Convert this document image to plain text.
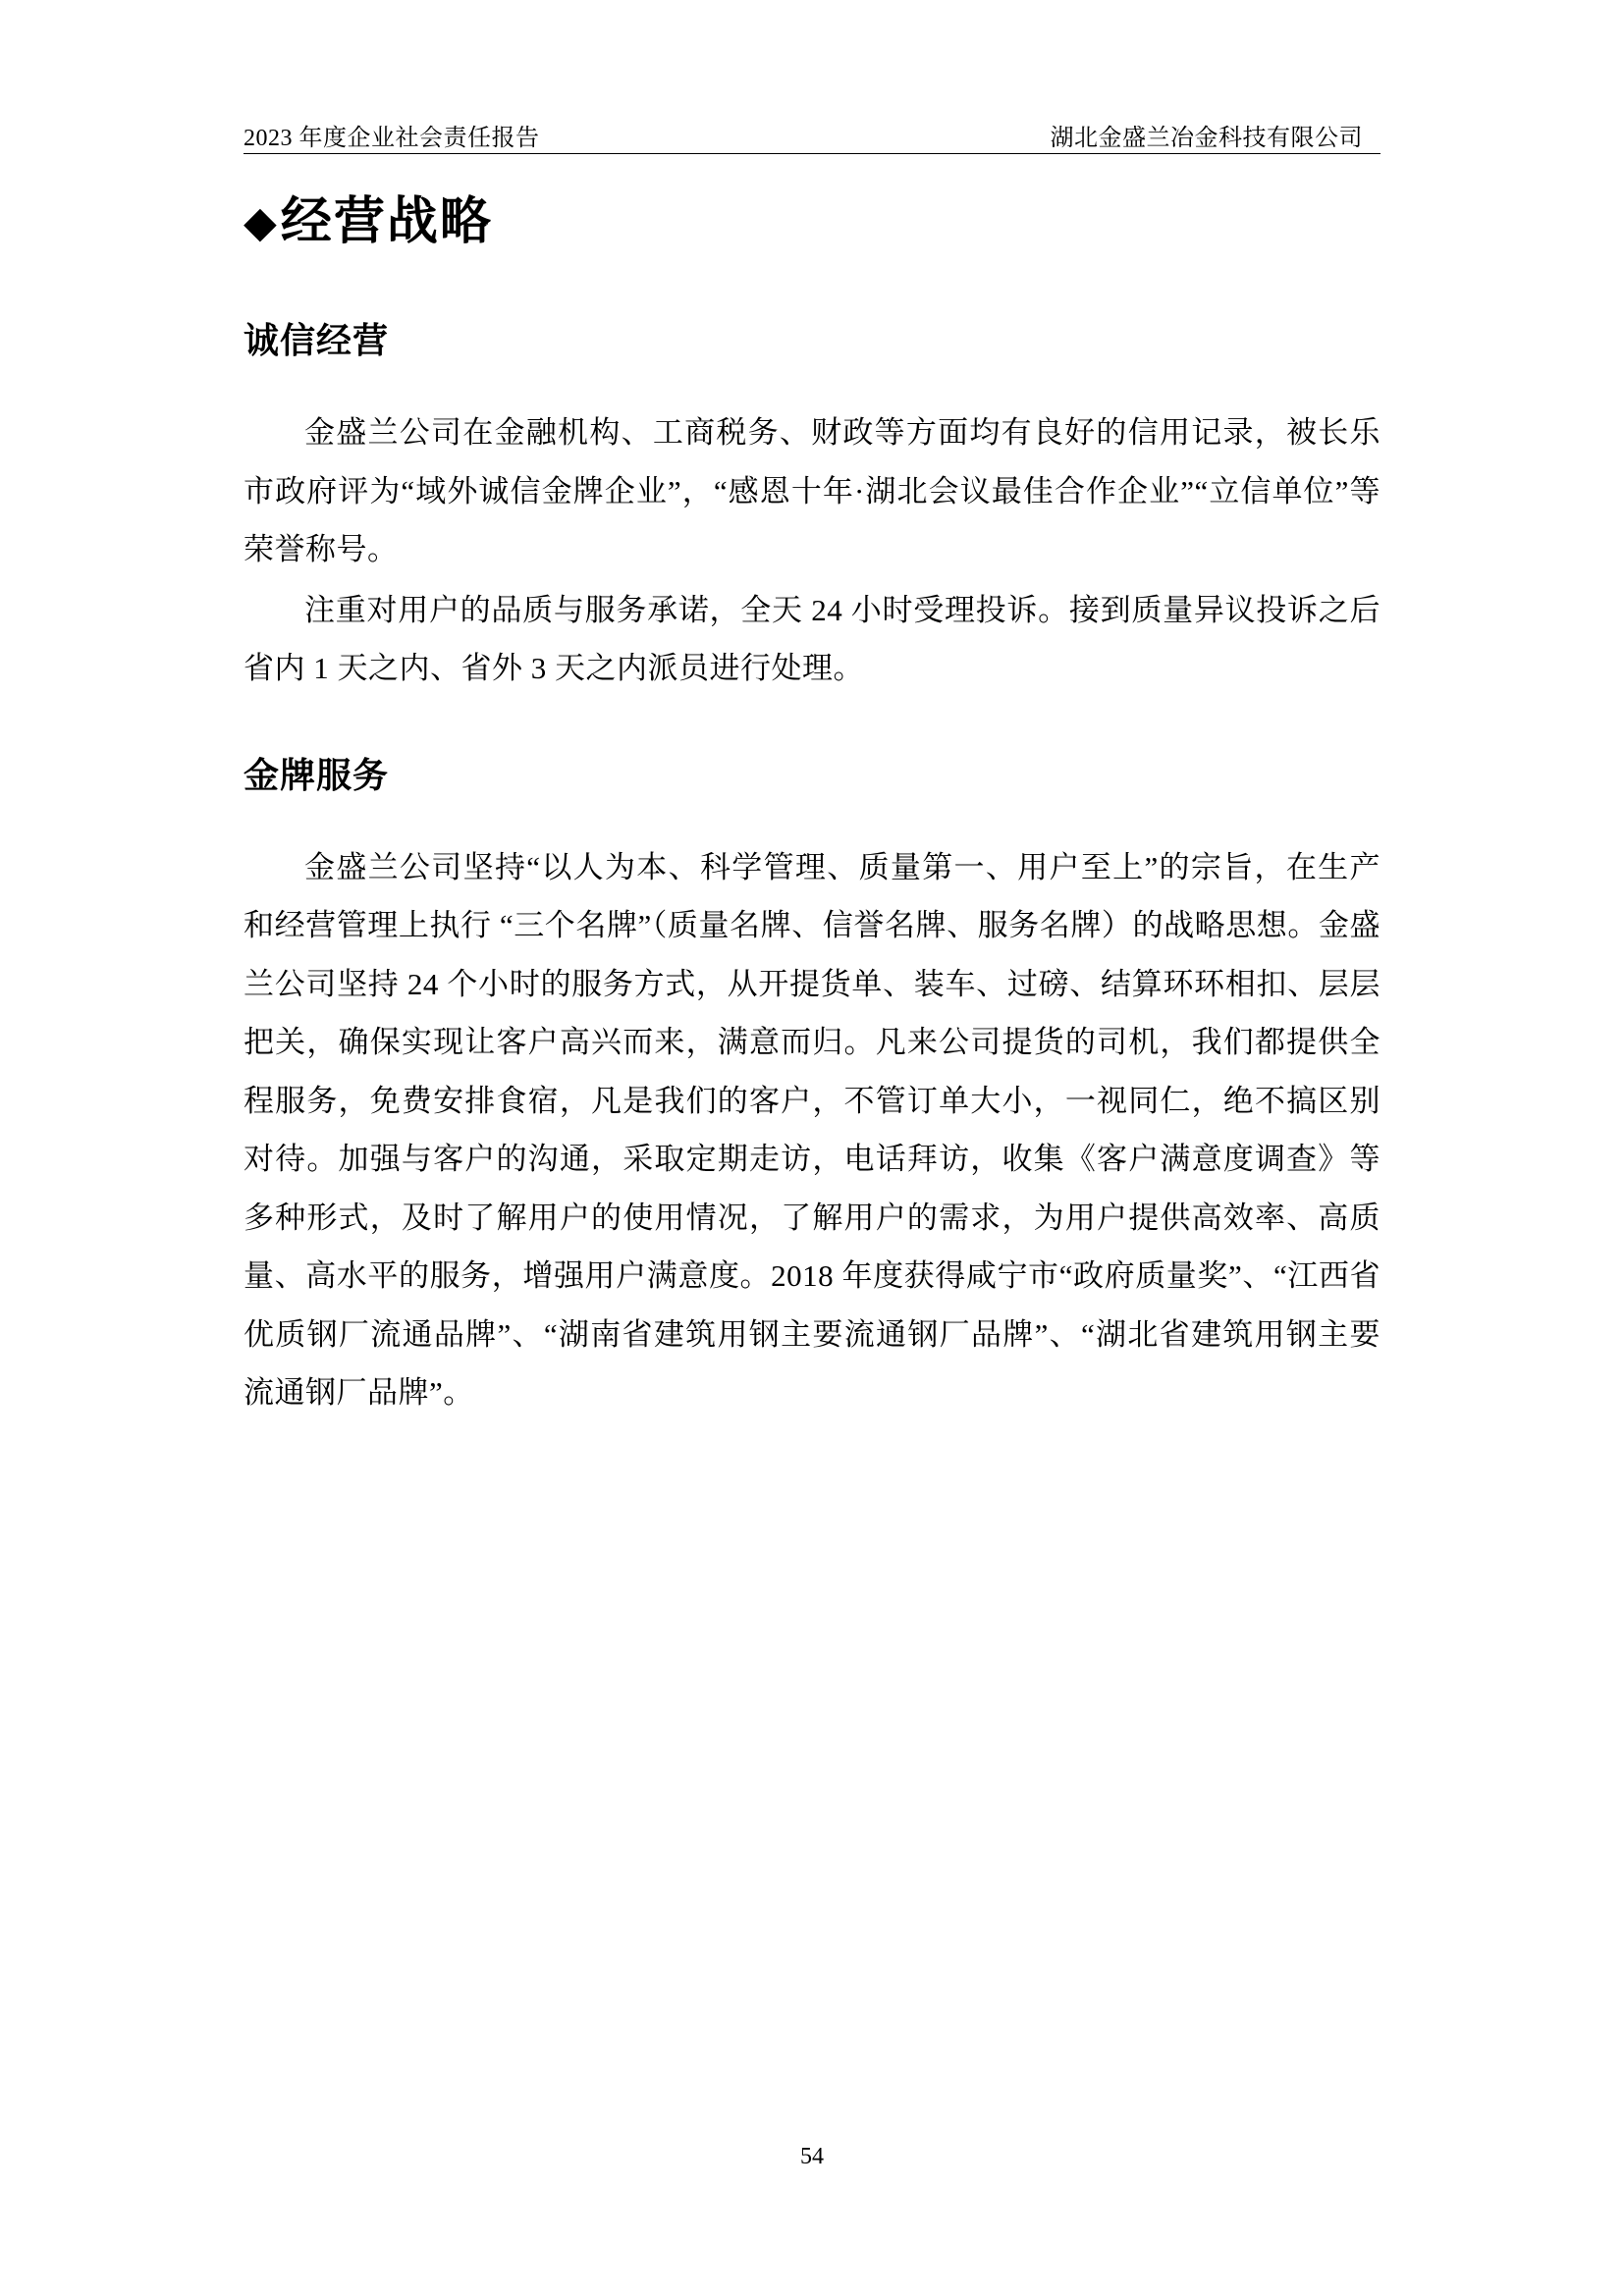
2023 年度企业社会责任报告	湖北金盛兰冶金科技有限公司
◆经营战略
诚信经营

金盛兰公司在金融机构、工商税务、财政等方面均有良好的信用记录，被长乐市政府评为“域外诚信金牌企业”，“感恩十年·湖北会议最佳合作企业”“立信单位”等荣誉称号。

注重对用户的品质与服务承诺，全天 24 小时受理投诉。接到质量异议投诉之后省内 1 天之内、省外 3 天之内派员进行处理。

金牌服务

金盛兰公司坚持“以人为本、科学管理、质量第一、用户至上”的宗旨，在生产和经营管理上执行 “三个名牌”（质量名牌、信誉名牌、服务名牌）的战略思想。金盛兰公司坚持 24 个小时的服务方式，从开提货单、装车、过磅、结算环环相扣、层层把关，确保实现让客户高兴而来，满意而归。凡来公司提货的司机，我们都提供全程服务，免费安排食宿，凡是我们的客户，不管订单大小，一视同仁，绝不搞区别对待。加强与客户的沟通，采取定期走访，电话拜访，收集《客户满意度调查》等多种形式，及时了解用户的使用情况，了解用户的需求，为用户提供高效率、高质量、高水平的服务，增强用户满意度。2018 年度获得咸宁市“政府质量奖”、“江西省优质钢厂流通品牌”、“湖南省建筑用钢主要流通钢厂品牌”、“湖北省建筑用钢主要流通钢厂品牌”。

54
